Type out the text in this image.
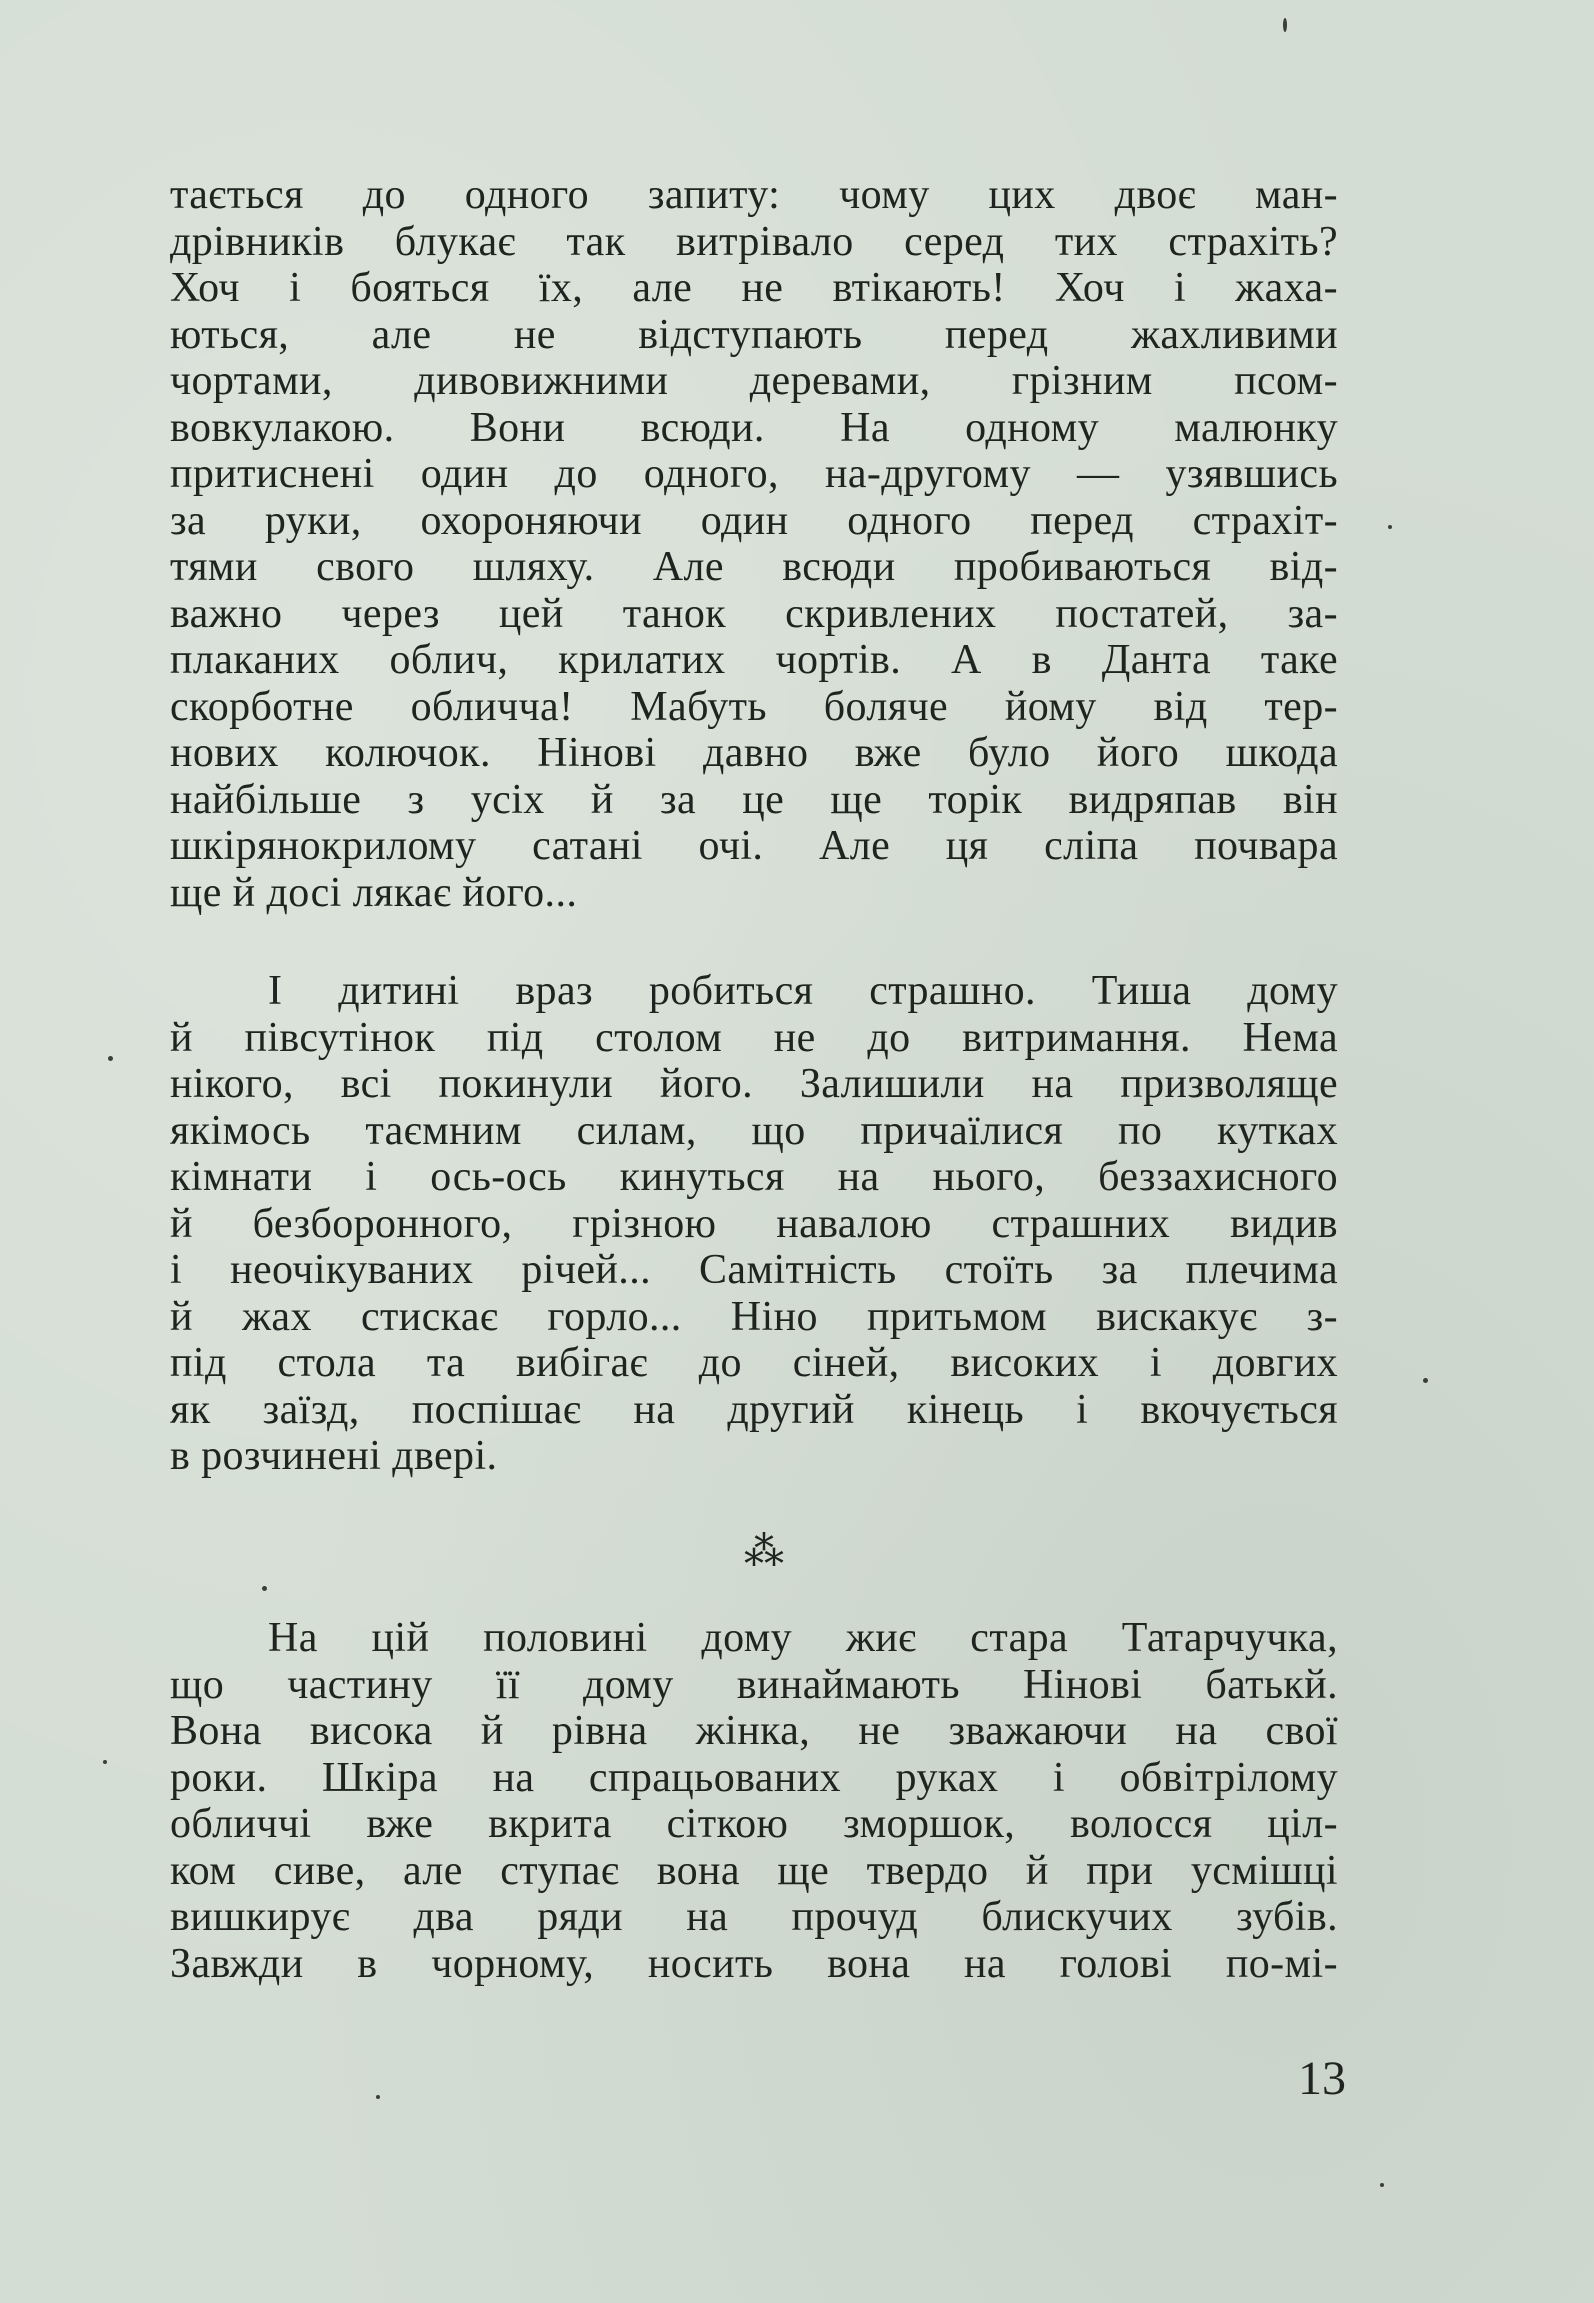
тається до одного запиту: чому цих двоє ман-
дрівників блукає так витрівало серед тих страхіть?
Хоч і бояться їх, але не втікають! Хоч і жаха-
ються, але не відступають перед жахливими
чортами, дивовижними деревами, грізним псом-
вовкулакою. Вони всюди. На одному малюнку
притиснені один до одного, на-другому — узявшись
за руки, охороняючи один одного перед страхіт-
тями свого шляху. Але всюди пробиваються від-
важно через цей танок скривлених постатей, за-
плаканих облич, крилатих чортів. А в Данта таке
скорботне обличча! Мабуть боляче йому від тер-
нових колючок. Нінові давно вже було його шкода
найбільше з усіх й за це ще торік видряпав він
шкірянокрилому сатані очі. Але ця сліпа почвара
ще й досі лякає його...
І дитині враз робиться страшно. Тиша дому
й півсутінок під столом не до витримання. Нема
нікого, всі покинули його. Залишили на призволяще
якімось таємним силам, що причаїлися по кутках
кімнати і ось-ось кинуться на нього, беззахисного
й безборонного, грізною навалою страшних видив
і неочікуваних річей... Самітність стоїть за плечима
й жах стискає горло... Ніно притьмом вискакує з-
під стола та вибігає до сіней, високих і довгих
як заїзд, поспішає на другий кінець і вкочується
в розчинені двері.
⁂
На цій половині дому жиє стара Татарчучка,
що частину її дому винаймають Нінові батькй.
Вона висока й рівна жінка, не зважаючи на свої
роки. Шкіра на спрацьованих руках і обвітрілому
обличчі вже вкрита сіткою зморшок, волосся ціл-
ком сиве, але ступає вона ще твердо й при усмішці
вишкирує два ряди на прочуд блискучих зубів.
Завжди в чорному, носить вона на голові по-мі-
13
